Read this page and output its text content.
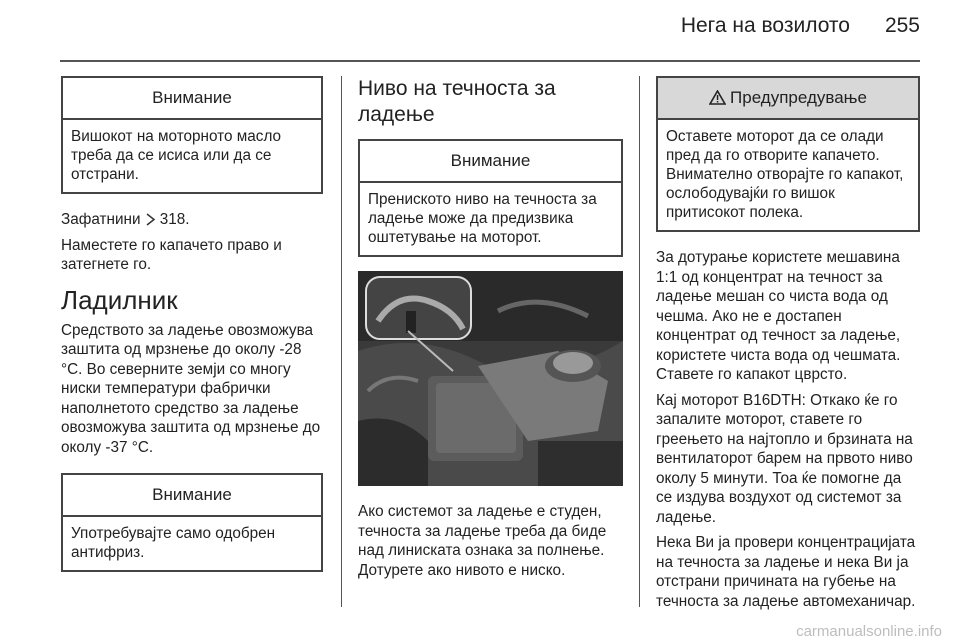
Нега на возилото 255
Внимание
Вишокот на моторното масло треба да се исиса или да се отстрани.

Зафатнини 318.

Наместете го капачето право и затегнете го.

Ладилник

Средството за ладење овозможува заштита од мрзнење до околу -28 °C. Во северните земји со многу ниски температури фабрички наполнетото средство за ладење овозможува заштита од мрзнење до околу -37 °C.

Внимание
Употребувајте само одобрен антифриз.
Ниво на течноста за ладење
Внимание
Прениското ниво на течноста за ладење може да предизвика оштетување на моторот.

Ако системот за ладење е студен, течноста за ладење треба да биде над линиската ознака за полнење. Дотурете ако нивото е ниско.

Предупредување
Оставете моторот да се олади пред да го отворите капачето. Внимателно отворајте го капакот, ослободувајќи го вишок притисокот полека.

За дотурање користете мешавина 1:1 од концентрат на течност за ладење мешан со чиста вода од чешма. Ако не е достапен концентрат од течност за ладење, користете чиста вода од чешмата. Ставете го капакот цврсто.

Кај моторот B16DTH: Откако ќе го запалите моторот, ставете го греењето на најтопло и брзината на вентилаторот барем на првото ниво околу 5 минути. Тоа ќе помогне да се издува воздухот од системот за ладење.

Нека Ви ја провери концентрацијата на течноста за ладење и нека Ви ја отстрани причината на губење на течноста за ладење автомеханичар.

carmanualsonline.info
